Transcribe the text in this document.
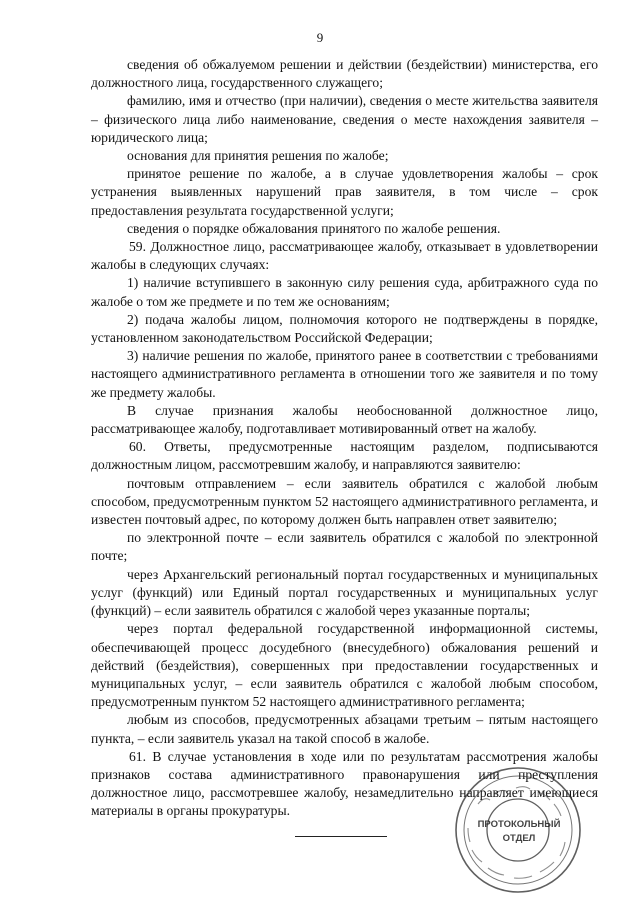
9

сведения об обжалуемом решении и действии (бездействии) министерства, его должностного лица, государственного служащего;

фамилию, имя и отчество (при наличии), сведения о месте жительства заявителя – физического лица либо наименование, сведения о месте нахождения заявителя – юридического лица;

основания для принятия решения по жалобе;

принятое решение по жалобе, а в случае удовлетворения жалобы – срок устранения выявленных нарушений прав заявителя, в том числе – срок предоставления результата государственной услуги;

сведения о порядке обжалования принятого по жалобе решения.

59. Должностное лицо, рассматривающее жалобу, отказывает в удовлетворении жалобы в следующих случаях:

1) наличие вступившего в законную силу решения суда, арбитражного суда по жалобе о том же предмете и по тем же основаниям;

2) подача жалобы лицом, полномочия которого не подтверждены в порядке, установленном законодательством Российской Федерации;

3) наличие решения по жалобе, принятого ранее в соответствии с требованиями настоящего административного регламента в отношении того же заявителя и по тому же предмету жалобы.

В случае признания жалобы необоснованной должностное лицо, рассматривающее жалобу, подготавливает мотивированный ответ на жалобу.

60. Ответы, предусмотренные настоящим разделом, подписываются должностным лицом, рассмотревшим жалобу, и направляются заявителю:

почтовым отправлением – если заявитель обратился с жалобой любым способом, предусмотренным пунктом 52 настоящего административного регламента, и известен почтовый адрес, по которому должен быть направлен ответ заявителю;

по электронной почте – если заявитель обратился с жалобой по электронной почте;

через Архангельский региональный портал государственных и муниципальных услуг (функций) или Единый портал государственных и муниципальных услуг (функций) – если заявитель обратился с жалобой через указанные порталы;

через портал федеральной государственной информационной системы, обеспечивающей процесс досудебного (внесудебного) обжалования решений и действий (бездействия), совершенных при предоставлении государственных и муниципальных услуг, – если заявитель обратился с жалобой любым способом, предусмотренным пунктом 52 настоящего административного регламента;

любым из способов, предусмотренных абзацами третьим – пятым настоящего пункта, – если заявитель указал на такой способ в жалобе.

61. В случае установления в ходе или по результатам рассмотрения жалобы признаков состава административного правонарушения или преступления должностное лицо, рассмотревшее жалобу, незамедлительно направляет имеющиеся материалы в органы прокуратуры.

ПРОТОКОЛЬНЫЙ
ОТДЕЛ
